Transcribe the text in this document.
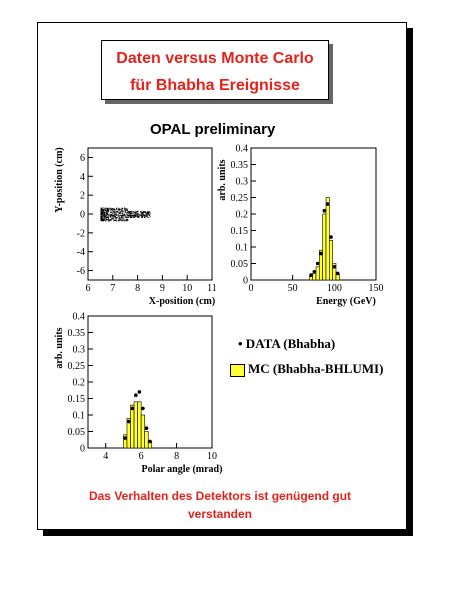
Daten versus Monte Carlo
für Bhabha Ereignisse
OPAL preliminary
6 7 8 9 10 11
-6
-4
-2
0
2
4
6
X-position (cm)
Y-position (cm)
0	50	100	150
0
0.05
0.1
0.15
0.2
0.25
0.3
0.35
0.4
Energy (GeV)
arb. units
4	6	8	10
0
0.05
0.1
0.15
0.2
0.25
0.3
0.35
0.4
Polar angle (mrad)
arb. units	• DATA (Bhabha)
MC (Bhabha-BHLUMI)
Das Verhalten des Detektors ist genügend gut
verstanden
